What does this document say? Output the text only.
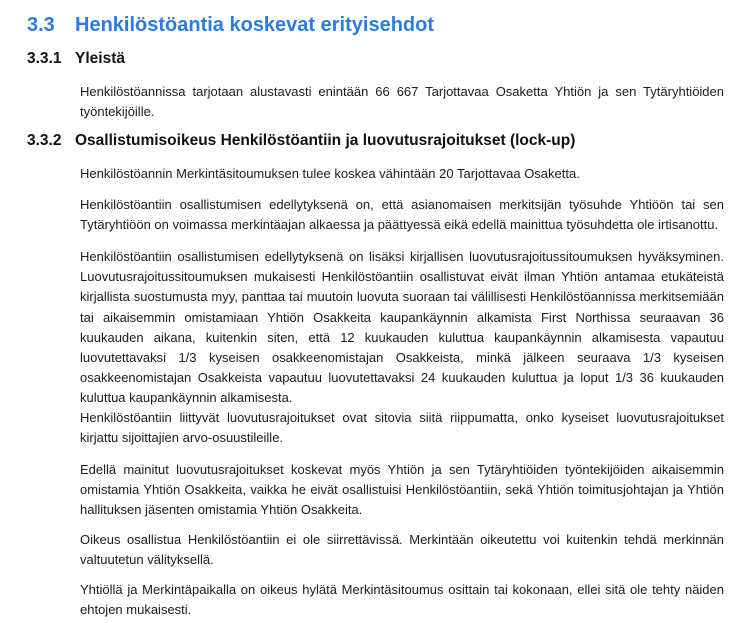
3.3 Henkilöstöantia koskevat erityisehdot
3.3.1 Yleistä

Henkilöstöannissa tarjotaan alustavasti enintään 66 667 Tarjottavaa Osaketta Yhtiön ja sen Tytäryhtiöiden työntekijöille.

3.3.2 Osallistumisoikeus Henkilöstöantiin ja luovutusrajoitukset (lock-up)

Henkilöstöannin Merkintäsitoumuksen tulee koskea vähintään 20 Tarjottavaa Osaketta.

Henkilöstöantiin osallistumisen edellytyksenä on, että asianomaisen merkitsijän työsuhde Yhtiöön tai sen Tytäryhtiöön on voimassa merkintäajan alkaessa ja päättyessä eikä edellä mainittua työsuhdetta ole irtisanottu.

Henkilöstöantiin osallistumisen edellytyksenä on lisäksi kirjallisen luovutusrajoitussitoumuksen hyväksyminen. Luovutusrajoitussitoumuksen mukaisesti Henkilöstöantiin osallistuvat eivät ilman Yhtiön antamaa etukäteistä kirjallista suostumusta myy, panttaa tai muutoin luovuta suoraan tai välillisesti Henkilöstöannissa merkitsemiään tai aikaisemmin omistamiaan Yhtiön Osakkeita kaupankäynnin alkamista First Northissa seuraavan 36 kuukauden aikana, kuitenkin siten, että 12 kuukauden kuluttua kaupankäynnin alkamisesta vapautuu luovutettavaksi 1/3 kyseisen osakkeenomistajan Osakkeista, minkä jälkeen seuraava 1/3 kyseisen osakkeenomistajan Osakkeista vapautuu luovutettavaksi 24 kuukauden kuluttua ja loput 1/3 36 kuukauden kuluttua kaupankäynnin alkamisesta.

Henkilöstöantiin liittyvät luovutusrajoitukset ovat sitovia siitä riippumatta, onko kyseiset luovutusrajoitukset kirjattu sijoittajien arvo-osuustileille.

Edellä mainitut luovutusrajoitukset koskevat myös Yhtiön ja sen Tytäryhtiöiden työntekijöiden aikaisemmin omistamia Yhtiön Osakkeita, vaikka he eivät osallistuisi Henkilöstöantiin, sekä Yhtiön toimitusjohtajan ja Yhtiön hallituksen jäsenten omistamia Yhtiön Osakkeita.

Oikeus osallistua Henkilöstöantiin ei ole siirrettävissä. Merkintään oikeutettu voi kuitenkin tehdä merkinnän valtuutetun välityksellä.

Yhtiöllä ja Merkintäpaikalla on oikeus hylätä Merkintäsitoumus osittain tai kokonaan, ellei sitä ole tehty näiden ehtojen mukaisesti.
